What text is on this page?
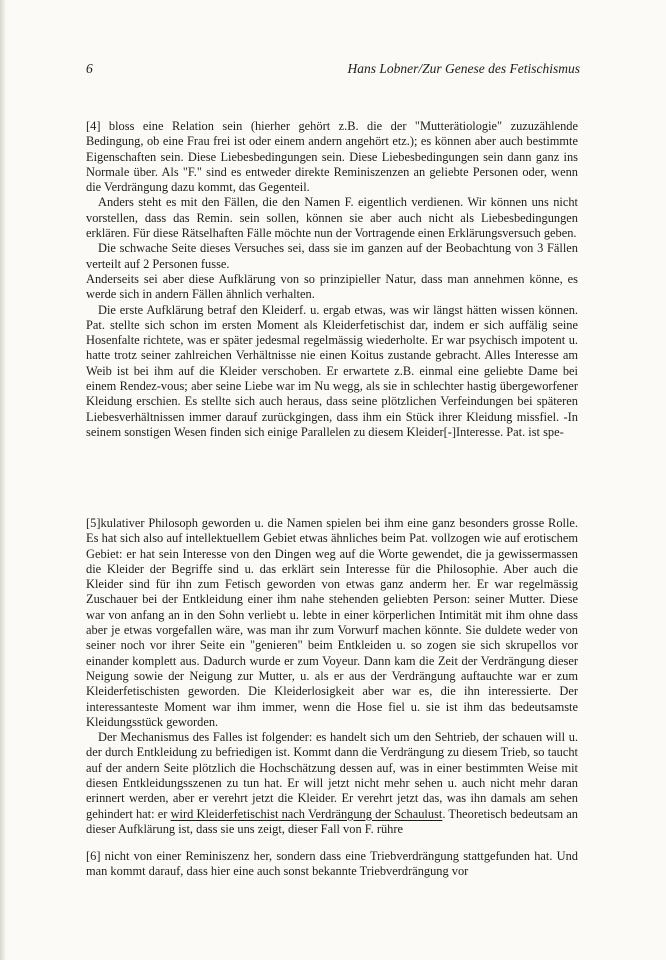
6	Hans Lobner/Zur Genese des Fetischismus

[4] bloss eine Relation sein (hierher gehört z.B. die der "Mutterätiologie" zuzuzählende Bedingung, ob eine Frau frei ist oder einem andern angehört etz.); es können aber auch bestimmte Eigenschaften sein. Diese Liebesbedingungen sein. Diese Liebesbedingungen sein dann ganz ins Normale über. Als "F." sind es entweder direkte Reminiszenzen an geliebte Personen oder, wenn die Verdrängung dazu kommt, das Gegenteil.

Anders steht es mit den Fällen, die den Namen F. eigentlich verdienen. Wir können uns nicht vorstellen, dass das Remin. sein sollen, können sie aber auch nicht als Liebesbedingungen erklären. Für diese Rätselhaften Fälle möchte nun der Vortragende einen Erklärungsversuch geben.

Die schwache Seite dieses Versuches sei, dass sie im ganzen auf der Beobachtung von 3 Fällen verteilt auf 2 Personen fusse.

Anderseits sei aber diese Aufklärung von so prinzipieller Natur, dass man annehmen könne, es werde sich in andern Fällen ähnlich verhalten.

Die erste Aufklärung betraf den Kleiderf. u. ergab etwas, was wir längst hätten wissen können. Pat. stellte sich schon im ersten Moment als Kleiderfetischist dar, indem er sich auffälig seine Hosenfalte richtete, was er später jedesmal regelmässig wiederholte. Er war psychisch impotent u. hatte trotz seiner zahlreichen Verhältnisse nie einen Koitus zustande gebracht. Alles Interesse am Weib ist bei ihm auf die Kleider verschoben. Er erwartete z.B. einmal eine geliebte Dame bei einem Rendez-vous; aber seine Liebe war im Nu wegg, als sie in schlechter hastig übergeworfener Kleidung erschien. Es stellte sich auch heraus, dass seine plötzlichen Verfeindungen bei späteren Liebesverhältnissen immer darauf zurückgingen, dass ihm ein Stück ihrer Kleidung missfiel. -In seinem sonstigen Wesen finden sich einige Parallelen zu diesem Kleider[-]Interesse. Pat. ist spe-

[5]kulativer Philosoph geworden u. die Namen spielen bei ihm eine ganz besonders grosse Rolle. Es hat sich also auf intellektuellem Gebiet etwas ähnliches beim Pat. vollzogen wie auf erotischem Gebiet: er hat sein Interesse von den Dingen weg auf die Worte gewendet, die ja gewissermassen die Kleider der Begriffe sind u. das erklärt sein Interesse für die Philosophie. Aber auch die Kleider sind für ihn zum Fetisch geworden von etwas ganz anderm her. Er war regelmässig Zuschauer bei der Entkleidung einer ihm nahe stehenden geliebten Person: seiner Mutter. Diese war von anfang an in den Sohn verliebt u. lebte in einer körperlichen Intimität mit ihm ohne dass aber je etwas vorgefallen wäre, was man ihr zum Vorwurf machen könnte. Sie duldete weder von seiner noch vor ihrer Seite ein "genieren" beim Entkleiden u. so zogen sie sich skrupellos vor einander komplett aus. Dadurch wurde er zum Voyeur. Dann kam die Zeit der Verdrängung dieser Neigung sowie der Neigung zur Mutter, u. als er aus der Verdrängung auftauchte war er zum Kleiderfetischisten geworden. Die Kleiderlosigkeit aber war es, die ihn interessierte. Der interessanteste Moment war ihm immer, wenn die Hose fiel u. sie ist ihm das bedeutsamste Kleidungsstück geworden.

Der Mechanismus des Falles ist folgender: es handelt sich um den Sehtrieb, der schauen will u. der durch Entkleidung zu befriedigen ist. Kommt dann die Verdrängung zu diesem Trieb, so taucht auf der andern Seite plötzlich die Hochschätzung dessen auf, was in einer bestimmten Weise mit diesen Entkleidungsszenen zu tun hat. Er will jetzt nicht mehr sehen u. auch nicht mehr daran erinnert werden, aber er verehrt jetzt die Kleider. Er verehrt jetzt das, was ihn damals am sehen gehindert hat: er wird Kleiderfetischist nach Verdrängung der Schaulust. Theoretisch bedeutsam an dieser Aufklärung ist, dass sie uns zeigt, dieser Fall von F. rühre

[6] nicht von einer Reminiszenz her, sondern dass eine Triebverdrängung stattgefunden hat. Und man kommt darauf, dass hier eine auch sonst bekannte Triebverdrängung vor
